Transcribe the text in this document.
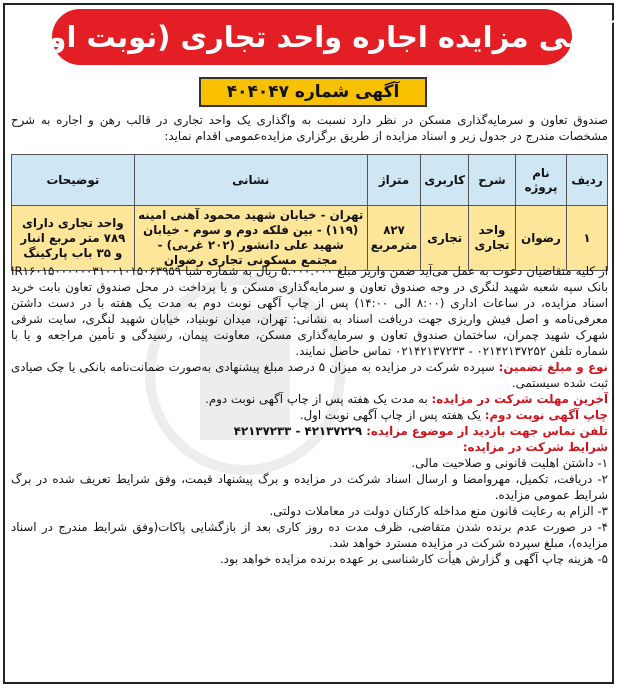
آگهی مزایده اجاره واحد تجاری (نوبت اول)
آگهی شماره ۴۰۴۰۴۷
صندوق تعاون و سرمایه‌گذاری مسکن در نظر دارد نسبت به واگذاری یک واحد تجاری در قالب رهن و اجاره به شرح مشخصات مندرج در جدول زیر و اسناد مزایده از طریق برگزاری مزایده‌عمومی اقدام نماید:
ردیف	نام پروژه	شرح	کاربری	متراژ	نشانی	توضیحات
۱	رضوان	واحد تجاری	تجاری	۸۲۷ مترمربع	تهران - خیابان شهید محمود آهنی امینه (۱۱۹) - بین فلکه دوم و سوم - خیابان شهید علی دانشور (۲۰۲ غربی) - مجتمع مسکونی تجاری رضوان	واحد تجاری دارای ۷۸۹ متر مربع انبار و ۳۵ باب پارکینگ

از کلیه متقاضیان دعوت به عمل می‌آید ضمن واریز مبلغ ۵.۰۰۰.۰۰۰ ریال به شماره شبا IR۱۶۰۱۵۰۰۰۰۰۰۳۱۰۰۱۰۱۵۰۶۳۹۵۹ بانک سپه شعبه شهید لنگری در وجه صندوق تعاون و سرمایه‌گذاری مسکن و یا پرداخت در محل صندوق تعاون بابت خرید اسناد مزایده، در ساعات اداری (۸:۰۰ الی ۱۴:۰۰) پس از چاپ آگهی نوبت دوم به مدت یک هفته با در دست داشتن معرفی‌نامه و اصل فیش واریزی جهت دریافت اسناد به نشانی: تهران، میدان نوبنیاد، خیابان شهید لنگری، سایت شرقی شهرک شهید چمران، ساختمان صندوق تعاون و سرمایه‌گذاری مسکن، معاونت پیمان، رسیدگی و تأمین مراجعه و یا با شماره تلفن ۰۲۱۴۲۱۳۷۲۵۲ - ۰۲۱۴۲۱۳۷۲۳۳ تماس حاصل نمایند.

نوع و مبلغ تضمین: سپرده شرکت در مزایده به میزان ۵ درصد مبلغ پیشنهادی به‌صورت ضمانت‌نامه بانکی یا چک صیادی ثبت شده سیستمی.

آخرین مهلت شرکت در مزایده: به مدت یک هفته پس از چاپ آگهی نوبت دوم.

چاپ آگهی نوبت دوم: یک هفته پس از چاپ آگهی نوبت اول.

تلفن تماس جهت بازدید از موضوع مزایده: ۴۲۱۳۷۲۲۹ - ۴۲۱۳۷۲۳۳

شرایط شرکت در مزایده:

۱- داشتن اهلیت قانونی و صلاحیت مالی.

۲- دریافت، تکمیل، مهروامضا و ارسال اسناد شرکت در مزایده و برگ پیشنهاد قیمت، وفق شرایط تعریف شده در برگ شرایط عمومی مزایده.

۳- الزام به رعایت قانون منع مداخله کارکنان دولت در معاملات دولتی.

۴- در صورت عدم برنده شدن متقاضی، ظرف مدت ده روز کاری بعد از بازگشایی پاکات(وفق شرایط مندرج در اسناد مزایده)، مبلغ سپرده شرکت در مزایده مسترد خواهد شد.

۵- هزینه چاپ آگهی و گزارش هیأت کارشناسی بر عهده برنده مزایده خواهد بود.
